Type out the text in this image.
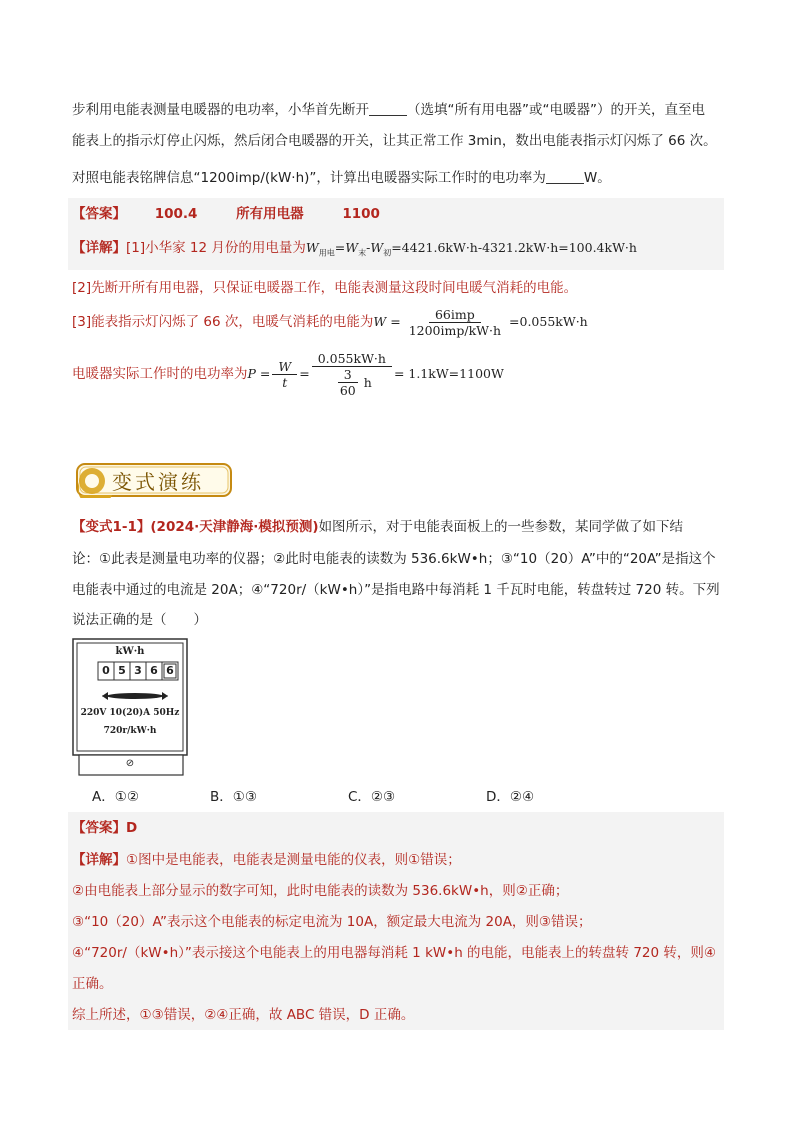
步利用电能表测量电暖器的电功率，小华首先断开	（选填“所有用电器”或“电暖器”）的开关，直至电
能表上的指示灯停止闪烁，然后闭合电暖器的开关，让其正常工作 3min，数出电能表指示灯闪烁了 66 次。
对照电能表铭牌信息“1200imp/(kW·h)”，计算出电暖器实际工作时的电功率为	W。
【答案】 100.4	所有用电器	1100
【详解】[1]小华家 12 月份的用电量为$W_{用电}=W_末-W_初=4421.6kW\cdot h-4321.2kW\cdot h=100.4kW\cdot h$
[2]先断开所有用电器，只保证电暖器工作，电能表测量这段时间电暖气消耗的电能。
[3]能表指示灯闪烁了 66 次，电暖气消耗的电能为$W = \frac{\text{66imp}}{\text{1200imp/kW·h}} =0.055kW\cdot h$
电暖器实际工作时的电功率为$P = \frac{W}{t} = \frac{0.055kW\cdot h}{\frac{3}{60} h} = 1.1kW=1100W$
变式演练
【变式1-1】(2024·天津静海·模拟预测)如图所示，对于电能表面板上的一些参数，某同学做了如下结
论：①此表是测量电功率的仪器；②此时电能表的读数为 536.6kW•h；③“10（20）A”中的“20A”是指这个
电能表中通过的电流是 20A；④“720r/（kW•h）”是指电路中每消耗 1 千瓦时电能，转盘转过 720 转。下列
说法正确的是（　　）
kW·h
0 5 3 6 6
220V 10(20)A 50Hz
720r/kW·h
⊘
A．①②	B．①③	C．②③	D．②④
【答案】D
【详解】①图中是电能表，电能表是测量电能的仪表，则①错误；
②由电能表上部分显示的数字可知，此时电能表的读数为 536.6kW•h，则②正确；
③“10（20）A”表示这个电能表的标定电流为 10A，额定最大电流为 20A，则③错误；
④“720r/（kW•h）”表示接这个电能表上的用电器每消耗 1 kW•h 的电能，电能表上的转盘转 720 转，则④
正确。
综上所述，①③错误，②④正确，故 ABC 错误，D 正确。
